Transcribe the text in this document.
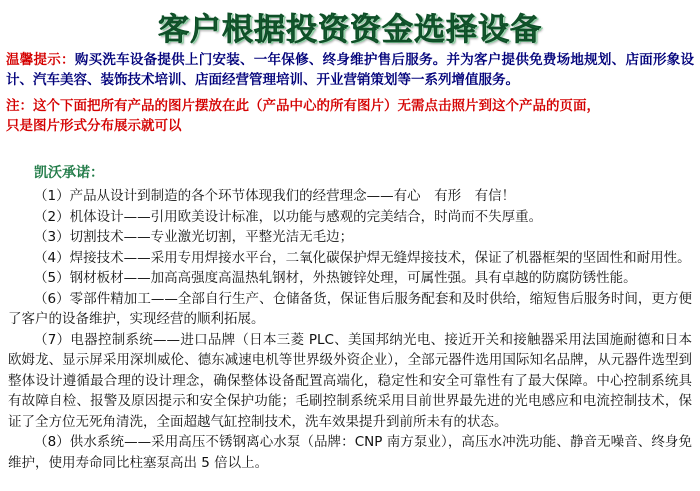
客户根据投资资金选择设备
温馨提示：购买洗车设备提供上门安装、一年保修、终身维护售后服务。并为客户提供免费场地规划、店面形象设计、汽车美容、装饰技术培训、店面经营管理培训、开业营销策划等一系列增值服务。
注：这个下面把所有产品的图片摆放在此（产品中心的所有图片）无需点击照片到这个产品的页面，
只是图片形式分布展示就可以
凯沃承诺：

（1）产品从设计到制造的各个环节体现我们的经营理念——有心　有形　有信！

（2）机体设计——引用欧美设计标准，以功能与感观的完美结合，时尚而不失厚重。

（3）切割技术——专业激光切割，平整光洁无毛边；

（4）焊接技术——采用专用焊接水平台，二氧化碳保护焊无缝焊接技术，保证了机器框架的坚固性和耐用性。

（5）钢材板材——加高高强度高温热轧钢材，外热镀锌处理，可属性强。具有卓越的防腐防锈性能。

（6）零部件精加工——全部自行生产、仓储备货，保证售后服务配套和及时供给，缩短售后服务时间，更方便了客户的设备维护，实现经营的顺利拓展。

（7）电器控制系统——进口品牌（日本三菱 PLC、美国邦纳光电、接近开关和接触器采用法国施耐德和日本欧姆龙、显示屏采用深圳威伦、德东减速电机等世界级外资企业），全部元器件选用国际知名品牌，从元器件选型到整体设计遵循最合理的设计理念，确保整体设备配置高端化，稳定性和安全可靠性有了最大保障。中心控制系统具有故障自检、报警及原因提示和安全保护功能；毛刷控制系统采用目前世界最先进的光电感应和电流控制技术，保证了全方位无死角清洗，全面超越气缸控制技术，洗车效果提升到前所未有的状态。

（8）供水系统——采用高压不锈钢离心水泵（品牌：CNP 南方泵业），高压水冲洗功能、静音无噪音、终身免维护，使用寿命同比柱塞泵高出 5 倍以上。
